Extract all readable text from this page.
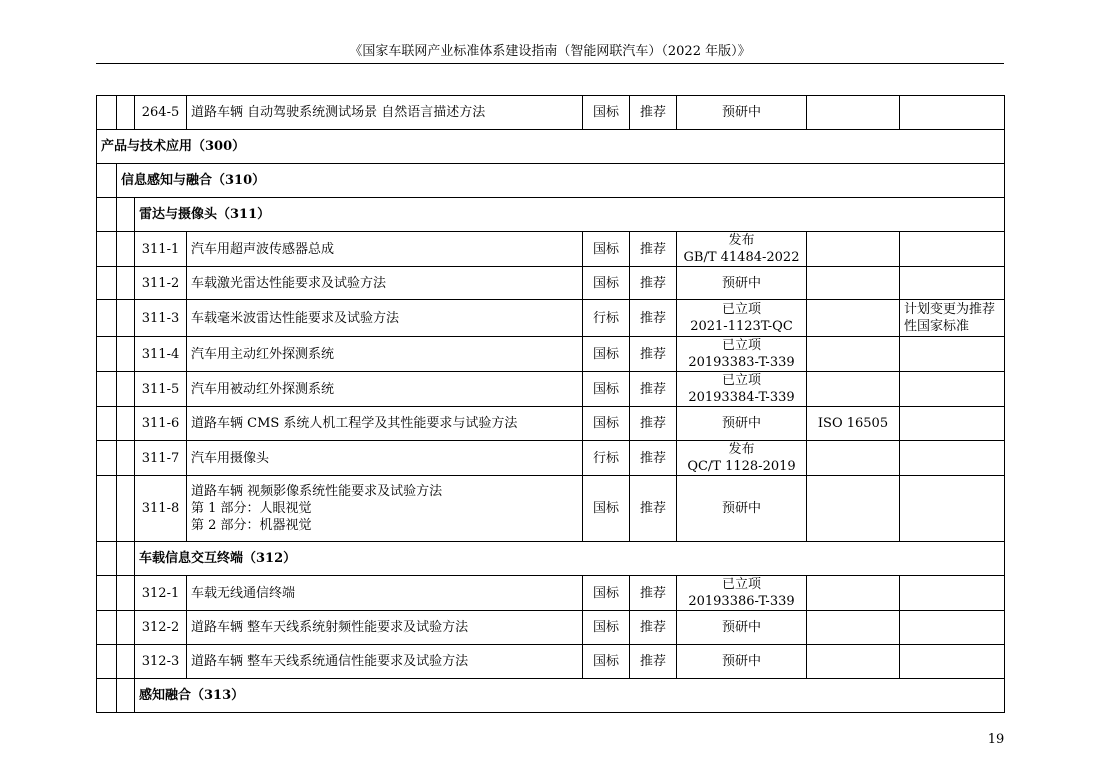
《国家车联网产业标准体系建设指南（智能网联汽车）（2022 年版）》
		264-5	道路车辆 自动驾驶系统测试场景 自然语言描述方法	国标	推荐	预研中		
产品与技术应用（300）								
	信息感知与融合（310）							
		雷达与摄像头（311）						
		311-1	汽车用超声波传感器总成	国标	推荐	发布
GB/T 41484-2022		

		311-2	车载激光雷达性能要求及试验方法	国标	推荐	预研中		
		311-3	车载毫米波雷达性能要求及试验方法	行标	推荐	已立项
2021-1123T-QC		计划变更为推荐性国家标准
		311-4	汽车用主动红外探测系统	国标	推荐	已立项
20193383-T-339		

		311-5	汽车用被动红外探测系统	国标	推荐	已立项
20193384-T-339		

		311-6	道路车辆 CMS 系统人机工程学及其性能要求与试验方法	国标	推荐	预研中	ISO 16505	
		311-7	汽车用摄像头	行标	推荐	发布
QC/T 1128-2019		

		311-8	道路车辆 视频影像系统性能要求及试验方法
第 1 部分：人眼视觉
第 2 部分：机器视觉	国标	推荐	预研中		
		车载信息交互终端（312）						
		312-1	车载无线通信终端	国标	推荐	已立项
20193386-T-339		

		312-2	道路车辆 整车天线系统射频性能要求及试验方法	国标	推荐	预研中		
		312-3	道路车辆 整车天线系统通信性能要求及试验方法	国标	推荐	预研中		
		感知融合（313）						
19
